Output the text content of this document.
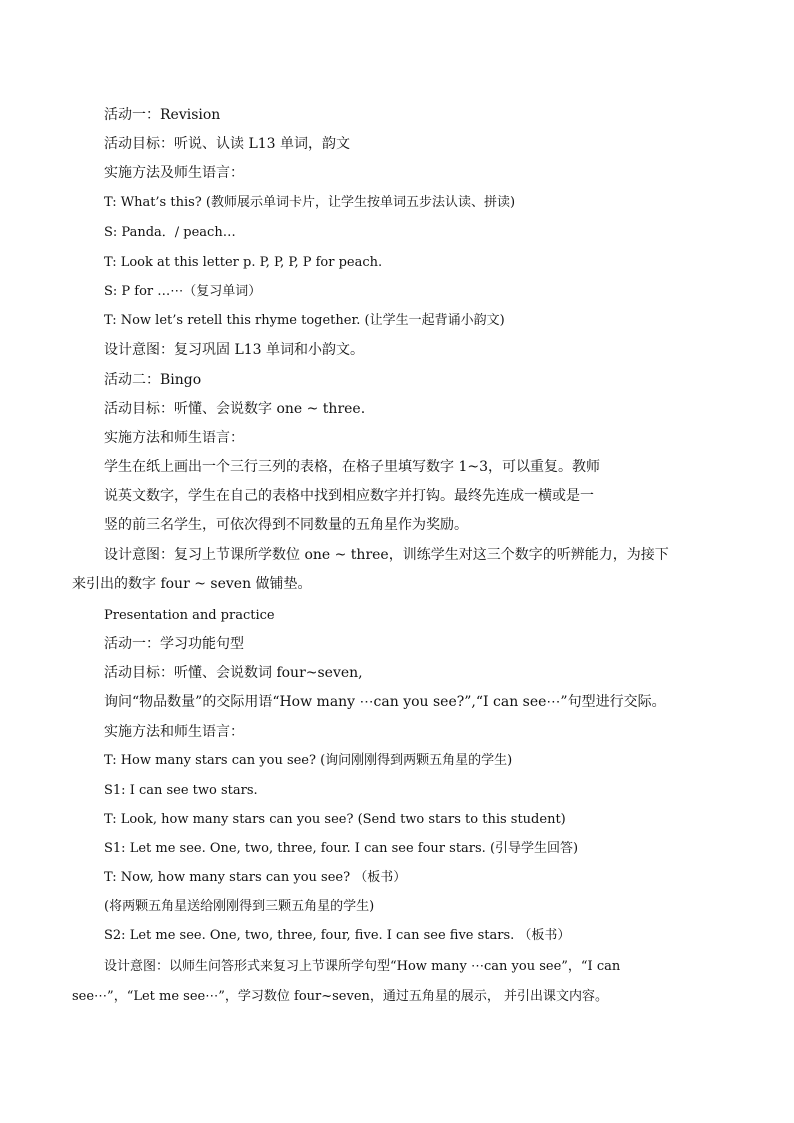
活动一：Revision
活动目标：听说、认读 L13 单词，韵文
实施方法及师生语言：
T: What’s this? (教师展示单词卡片，让学生按单词五步法认读、拼读)
S: Panda．/ peach…
T: Look at this letter p. P, P, P, P for peach.
S: P for …⋯（复习单词）
T: Now let’s retell this rhyme together. (让学生一起背诵小韵文)
设计意图：复习巩固 L13 单词和小韵文。
活动二：Bingo
活动目标：听懂、会说数字 one ~ three.
实施方法和师生语言：
学生在纸上画出一个三行三列的表格，在格子里填写数字 1~3，可以重复。教师
说英文数字，学生在自己的表格中找到相应数字并打钩。最终先连成一横或是一
竖的前三名学生，可依次得到不同数量的五角星作为奖励。
设计意图：复习上节课所学数位 one ~ three，训练学生对这三个数字的听辨能力，为接下
来引出的数字 four ~ seven 做铺垫。
Presentation and practice
活动一：学习功能句型
活动目标：听懂、会说数词 four~seven,
询问“物品数量”的交际用语“How many ⋯can you see?”,“I can see⋯”句型进行交际。
实施方法和师生语言：
T: How many stars can you see? (询问刚刚得到两颗五角星的学生)
S1: I can see two stars.
T: Look, how many stars can you see? (Send two stars to this student)
S1: Let me see. One, two, three, four. I can see four stars. (引导学生回答)
T: Now, how many stars can you see? （板书）
(将两颗五角星送给刚刚得到三颗五角星的学生)
S2: Let me see. One, two, three, four, five. I can see five stars. （板书）
设计意图：以师生问答形式来复习上节课所学句型“How many ⋯can you see”，“I can
see⋯”，“Let me see⋯”，学习数位 four~seven，通过五角星的展示， 并引出课文内容。
